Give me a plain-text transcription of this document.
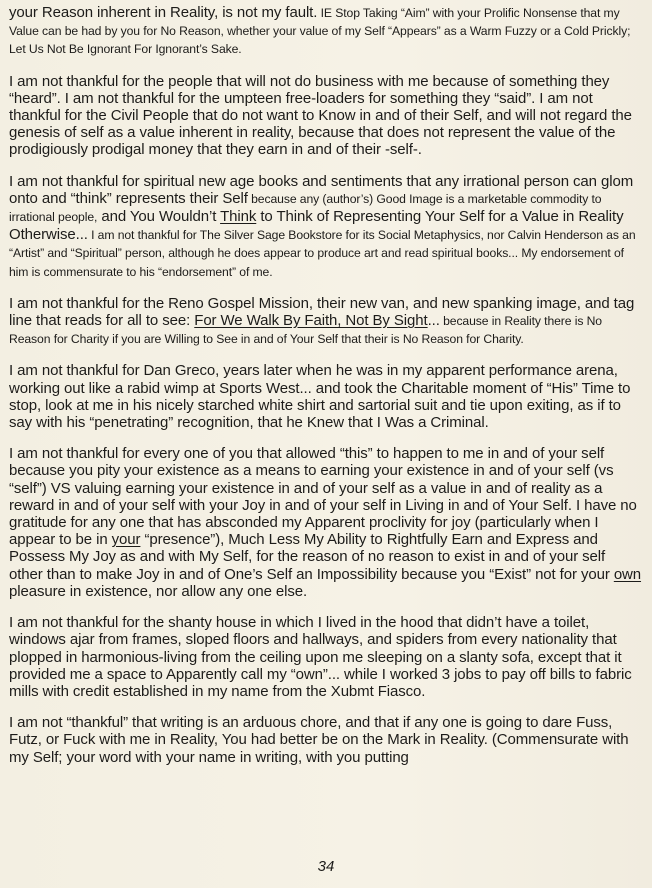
your Reason inherent in Reality, is not my fault. IE Stop Taking “Aim” with your Prolific Nonsense that my Value can be had by you for No Reason, whether your value of my Self “Appears” as a Warm Fuzzy or a Cold Prickly; Let Us Not Be Ignorant For Ignorant’s Sake.

I am not thankful for the people that will not do business with me because of something they “heard”. I am not thankful for the umpteen free-loaders for something they “said”. I am not thankful for the Civil People that do not want to Know in and of their Self, and will not regard the genesis of self as a value inherent in reality, because that does not represent the value of the prodigiously prodigal money that they earn in and of their -self-.

I am not thankful for spiritual new age books and sentiments that any irrational person can glom onto and “think” represents their Self because any (author’s) Good Image is a marketable commodity to irrational people, and You Wouldn’t Think to Think of Representing Your Self for a Value in Reality Otherwise... I am not thankful for The Silver Sage Bookstore for its Social Metaphysics, nor Calvin Henderson as an “Artist” and “Spiritual” person, although he does appear to produce art and read spiritual books... My endorsement of him is commensurate to his “endorsement” of me.

I am not thankful for the Reno Gospel Mission, their new van, and new spanking image, and tag line that reads for all to see: For We Walk By Faith, Not By Sight... because in Reality there is No Reason for Charity if you are Willing to See in and of Your Self that their is No Reason for Charity.

I am not thankful for Dan Greco, years later when he was in my apparent performance arena, working out like a rabid wimp at Sports West... and took the Charitable moment of “His” Time to stop, look at me in his nicely starched white shirt and sartorial suit and tie upon exiting, as if to say with his “penetrating” recognition, that he Knew that I Was a Criminal.

I am not thankful for every one of you that allowed “this” to happen to me in and of your self because you pity your existence as a means to earning your existence in and of your self (vs “self”) VS valuing earning your existence in and of your self as a value in and of reality as a reward in and of your self with your Joy in and of your self in Living in and of Your Self. I have no gratitude for any one that has absconded my Apparent proclivity for joy (particularly when I appear to be in your “presence”), Much Less My Ability to Rightfully Earn and Express and Possess My Joy as and with My Self, for the reason of no reason to exist in and of your self other than to make Joy in and of One’s Self an Impossibility because you “Exist” not for your own pleasure in existence, nor allow any one else.

I am not thankful for the shanty house in which I lived in the hood that didn’t have a toilet, windows ajar from frames, sloped floors and hallways, and spiders from every nationality that plopped in harmonious-living from the ceiling upon me sleeping on a slanty sofa, except that it provided me a space to Apparently call my “own”... while I worked 3 jobs to pay off bills to fabric mills with credit established in my name from the Xubmt Fiasco.

I am not “thankful” that writing is an arduous chore, and that if any one is going to dare Fuss, Futz, or Fuck with me in Reality, You had better be on the Mark in Reality. (Commensurate with my Self; your word with your name in writing, with you putting

34
